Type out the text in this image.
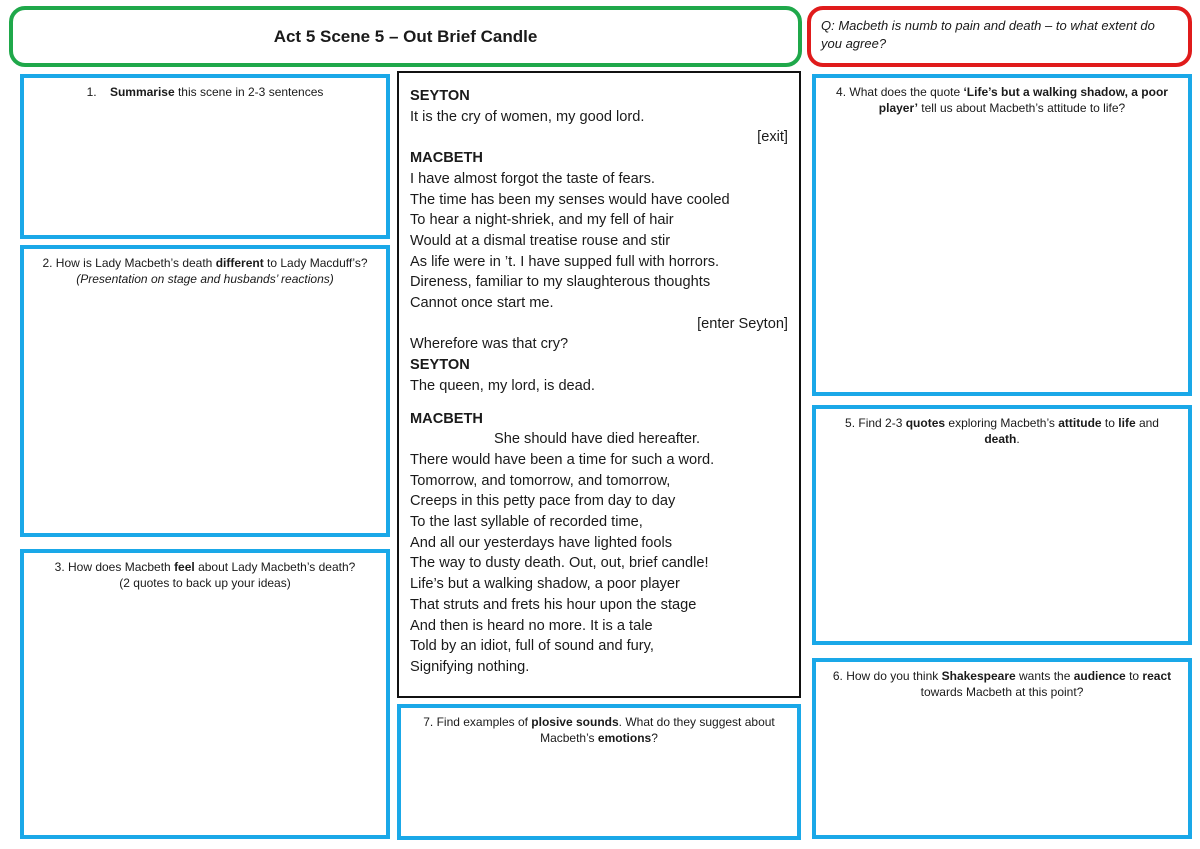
Act 5 Scene 5 – Out Brief Candle
Q: Macbeth is numb to pain and death – to what extent do you agree?
1. Summarise this scene in 2-3 sentences
2. How is Lady Macbeth’s death different to Lady Macduff’s?
(Presentation on stage and husbands’ reactions)
3. How does Macbeth feel about Lady Macbeth’s death?
(2 quotes to back up your ideas)
SEYTON
It is the cry of women, my good lord.
[exit]
MACBETH
I have almost forgot the taste of fears.
The time has been my senses would have cooled
To hear a night-shriek, and my fell of hair
Would at a dismal treatise rouse and stir
As life were in ’t. I have supped full with horrors.
Direness, familiar to my slaughterous thoughts
Cannot once start me.
[enter Seyton]
Wherefore was that cry?
SEYTON
The queen, my lord, is dead.
MACBETH
She should have died hereafter.
There would have been a time for such a word.
Tomorrow, and tomorrow, and tomorrow,
Creeps in this petty pace from day to day
To the last syllable of recorded time,
And all our yesterdays have lighted fools
The way to dusty death. Out, out, brief candle!
Life’s but a walking shadow, a poor player
That struts and frets his hour upon the stage
And then is heard no more. It is a tale
Told by an idiot, full of sound and fury,
Signifying nothing.
7. Find examples of plosive sounds. What do they suggest about Macbeth’s emotions?
4. What does the quote ‘Life’s but a walking shadow, a poor player’ tell us about Macbeth’s attitude to life?
5. Find 2-3 quotes exploring Macbeth’s attitude to life and death.
6. How do you think Shakespeare wants the audience to react towards Macbeth at this point?
